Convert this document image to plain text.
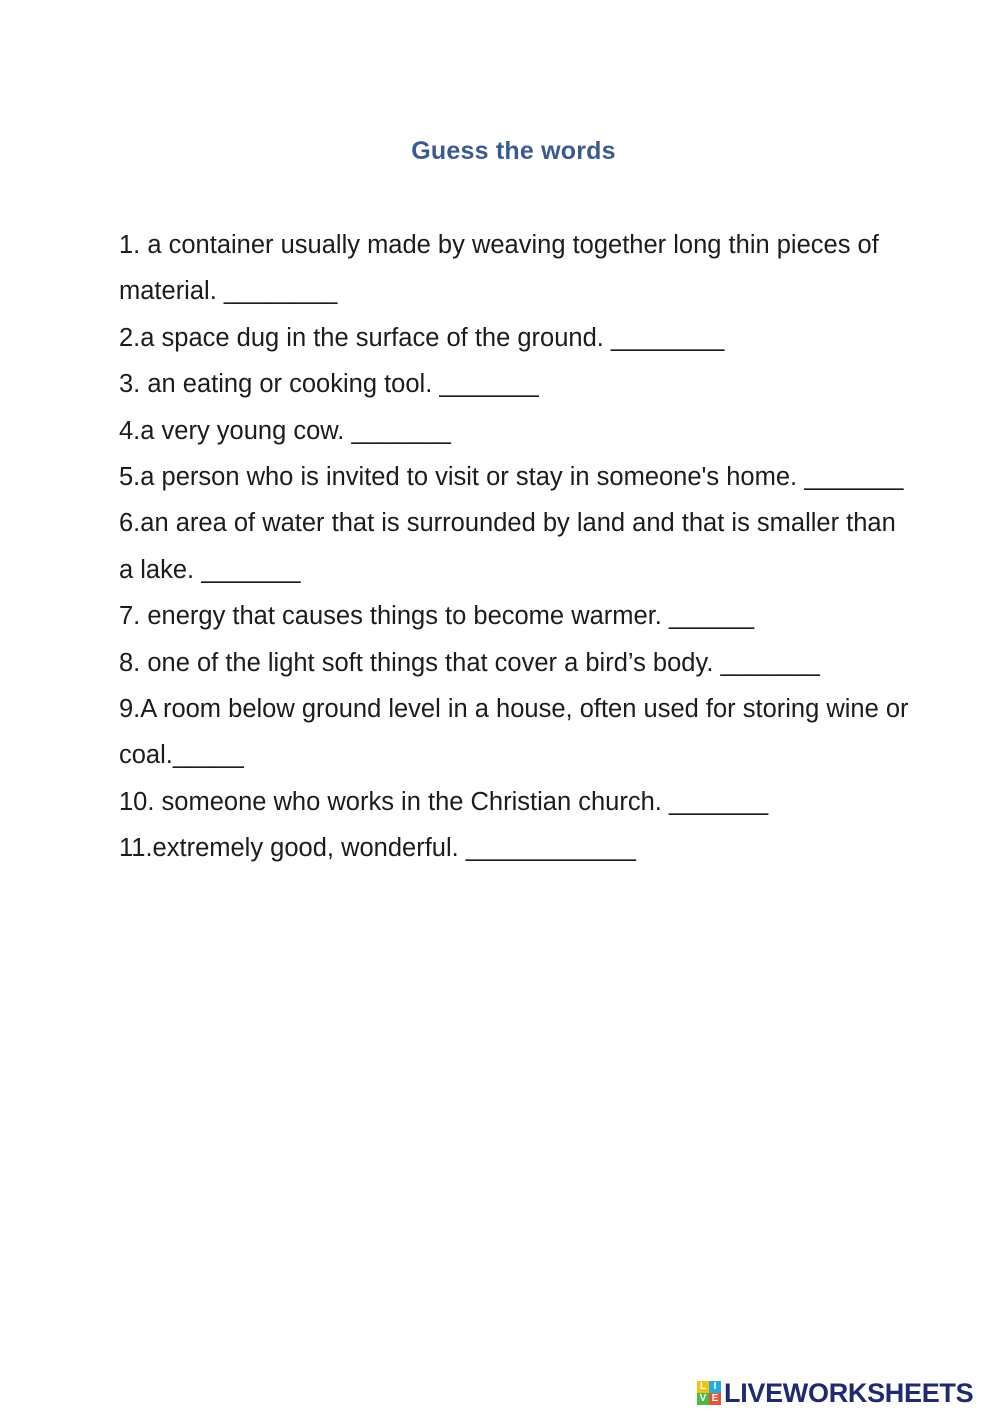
Guess the words
1. a container usually made by weaving together long thin pieces of material. ________
2.a space dug in the surface of the ground. ________
3. an eating or cooking tool. _______
4.a very young cow. _______
5.a person who is invited to visit or stay in someone's home. _______
6.an area of water that is surrounded by land and that is smaller than a lake. _______
7. energy that causes things to become warmer. ______
8. one of the light soft things that cover a bird’s body. _______
9.A room below ground level in a house, often used for storing wine or coal._____
10. someone who works in the Christian church. _______
11.extremely good, wonderful. ____________
L I
V E LIVEWORKSHEETS
